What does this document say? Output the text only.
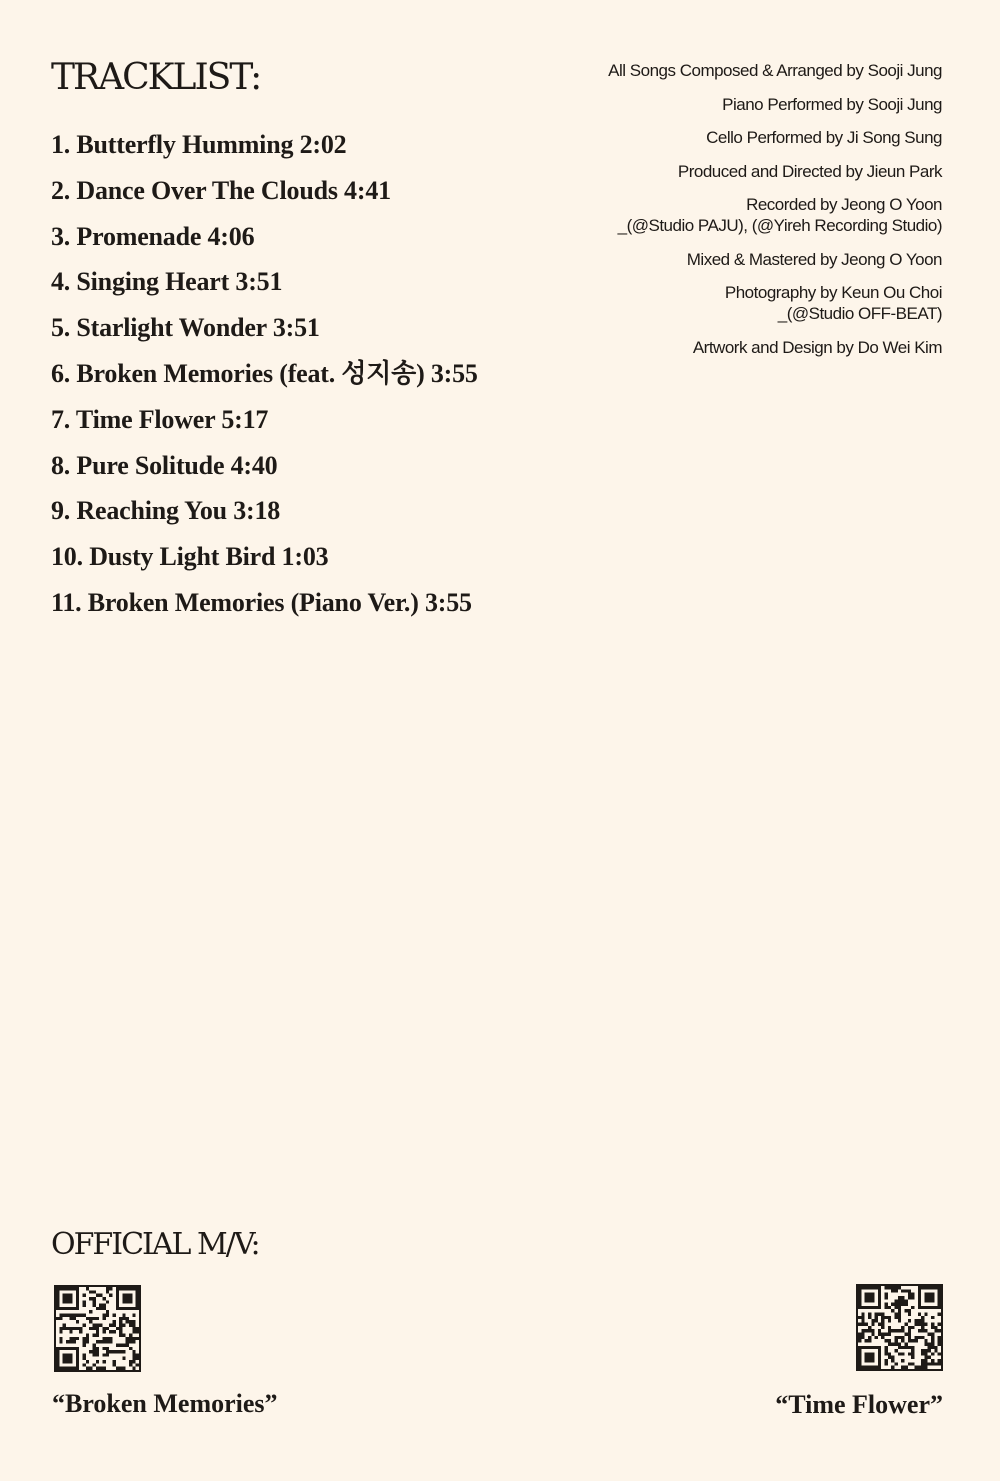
TRACKLIST:
1. Butterfly Humming 2:02
2. Dance Over The Clouds 4:41
3. Promenade 4:06
4. Singing Heart 3:51
5. Starlight Wonder 3:51
6. Broken Memories (feat. 성지송) 3:55
7. Time Flower 5:17
8. Pure Solitude 4:40
9. Reaching You 3:18
10. Dusty Light Bird 1:03
11. Broken Memories (Piano Ver.) 3:55

All Songs Composed & Arranged by Sooji Jung

Piano Performed by Sooji Jung

Cello Performed by Ji Song Sung

Produced and Directed by Jieun Park

Recorded by Jeong O Yoon
_(@Studio PAJU), (@Yireh Recording Studio)

Mixed & Mastered by Jeong O Yoon

Photography by Keun Ou Choi
_(@Studio OFF-BEAT)

Artwork and Design by Do Wei Kim

OFFICIAL M/V:
“Broken Memories”	“Time Flower”
